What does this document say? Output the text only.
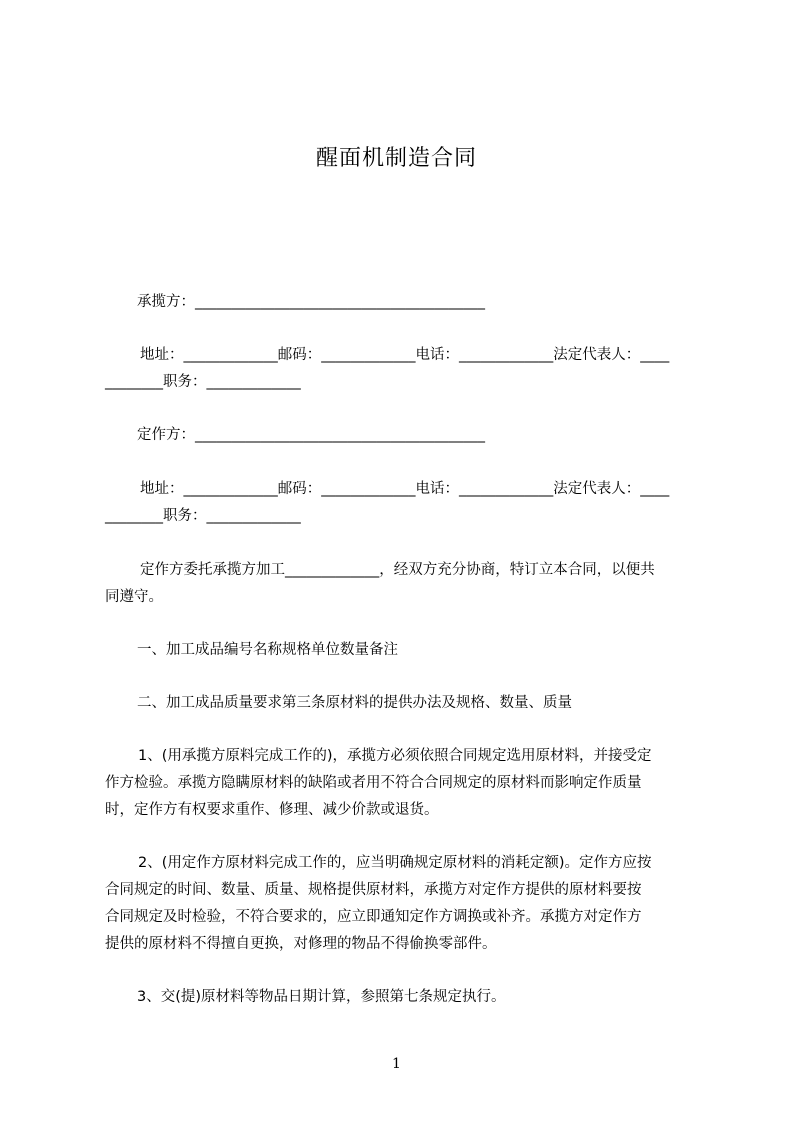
醒面机制造合同
承揽方：________________________________________
地址：_____________邮码：_____________电话：_____________法定代表人：____
________职务：_____________
定作方：________________________________________
地址：_____________邮码：_____________电话：_____________法定代表人：____
________职务：_____________
定作方委托承揽方加工_____________，经双方充分协商，特订立本合同，以便共
同遵守。
一、加工成品编号名称规格单位数量备注
二、加工成品质量要求第三条原材料的提供办法及规格、数量、质量
1、(用承揽方原料完成工作的)，承揽方必须依照合同规定选用原材料，并接受定
作方检验。承揽方隐瞒原材料的缺陷或者用不符合合同规定的原材料而影响定作质量
时，定作方有权要求重作、修理、减少价款或退货。
2、(用定作方原材料完成工作的，应当明确规定原材料的消耗定额)。定作方应按
合同规定的时间、数量、质量、规格提供原材料，承揽方对定作方提供的原材料要按
合同规定及时检验，不符合要求的，应立即通知定作方调换或补齐。承揽方对定作方
提供的原材料不得擅自更换，对修理的物品不得偷换零部件。
3、交(提)原材料等物品日期计算，参照第七条规定执行。
1
